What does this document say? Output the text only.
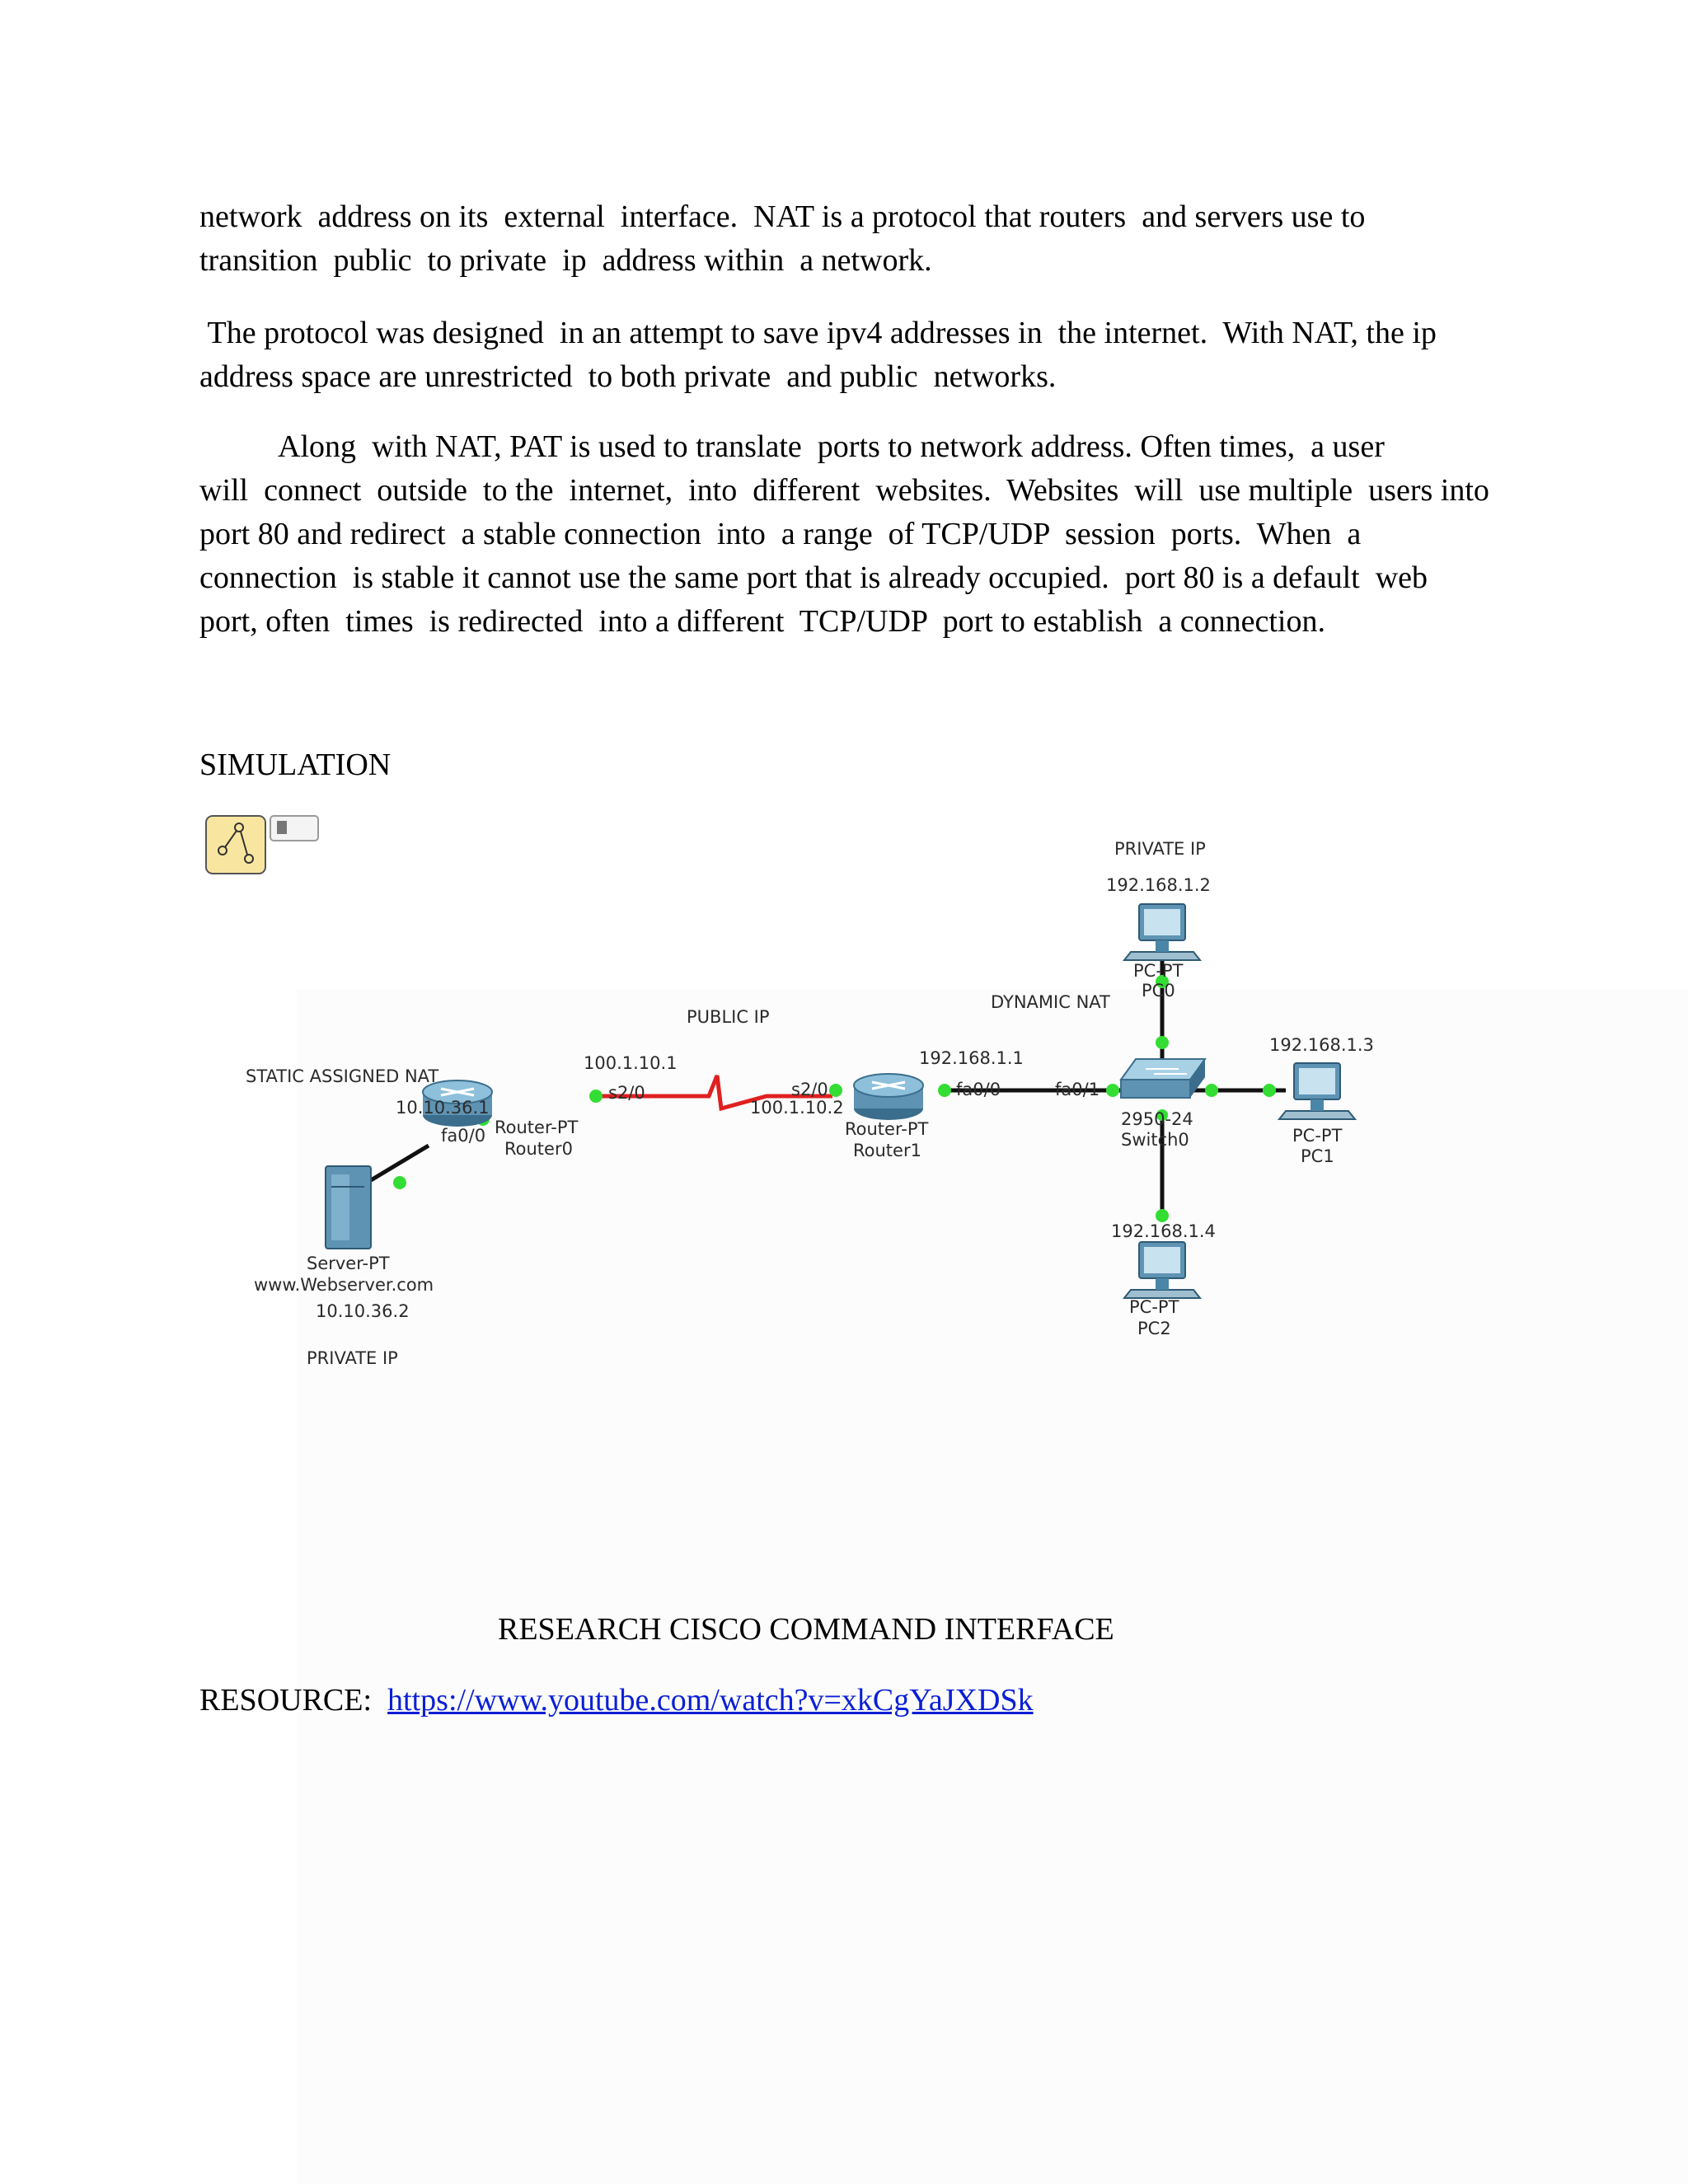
network  address on its  external  interface.  NAT is a protocol that routers  and servers use to
transition  public  to private  ip  address within  a network.

The protocol was designed  in an attempt to save ipv4 addresses in  the internet.  With NAT, the ip
address space are unrestricted  to both private  and public  networks.

Along  with NAT, PAT is used to translate  ports to network address. Often times,  a user
will  connect  outside  to the  internet,  into  different  websites.  Websites  will  use multiple  users into
port 80 and redirect  a stable connection  into  a range  of TCP/UDP  session  ports.  When  a
connection  is stable it cannot use the same port that is already occupied.  port 80 is a default  web
port, often  times  is redirected  into a different  TCP/UDP  port to establish  a connection.

SIMULATION
STATIC ASSIGNED NAT
PUBLIC IP
DYNAMIC NAT
PRIVATE IP
PRIVATE IP
Server-PT
www.Webserver.com
10.10.36.2
10.10.36.1
fa0/0
100.1.10.1
s2/0
Router-PT
Router0
100.1.10.2
s2/0
192.168.1.1
fa0/0
Router-PT
Router1
fa0/1
2950-24
Switch0
192.168.1.2
PC-PT
PC0
192.168.1.3
PC-PT
PC1
192.168.1.4
PC-PT
PC2
RESEARCH CISCO COMMAND INTERFACE
RESOURCE: https://www.youtube.com/watch?v=xkCgYaJXDSk
